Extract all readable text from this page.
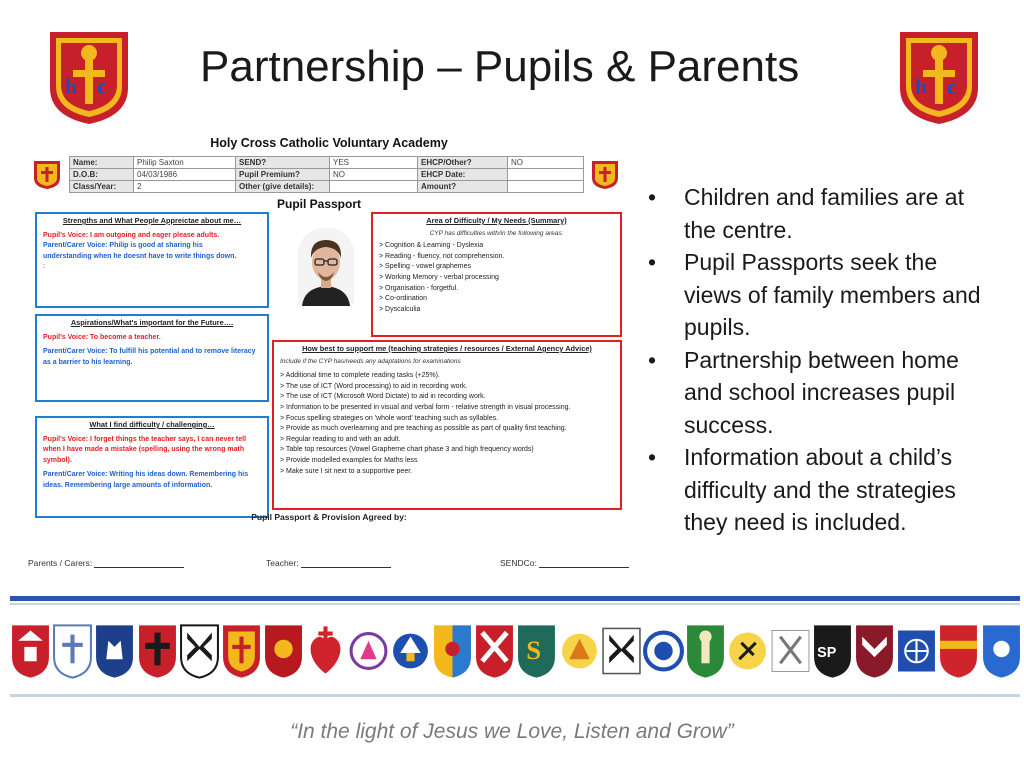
h c	h c
Partnership – Pupils & Parents
Holy Cross Catholic Voluntary Academy
Name:	Philip Saxton	SEND?	YES	EHCP/Other?	NO
D.O.B:	04/03/1986	Pupil Premium?	NO	EHCP Date:	
Class/Year:	2	Other (give details):		Amount?	
Pupil Passport
Strengths and What People Appreictae about me…
Pupil's Voice: I am outgoing and eager please adults.
Parent/Carer Voice: Philip is good at sharing his
understanding when he doesnt have to write things down.
:
Aspirations/What's important for the Future….
Pupil's Voice: To become a teacher.
Parent/Carer Voice: To fulfill his potential and to remove literacy
as a barrier to his learning.
What I find difficulty / challenging…
Pupil's Voice: I forget things the teacher says, I can never tell
when I have made a mistake (spelling, using the wrong math
symbol).
Parent/Carer Voice: Writing his ideas down. Remembering his
ideas. Remembering large amounts of information.
Area of Difficulty / My Needs (Summary)
CYP has difficulties with/in the following areas:
> Cognition & Learning - Dyslexia
> Reading - fluency, not comprehension.
> Spelling - vowel graphemes
> Working Memory - verbal processing
> Organisation - forgetful.
> Co-ordination
> Dyscalculia
How best to support me (teaching strategies / resources / External Agency Advice)
Include if the CYP has/needs any adaptations for examinations
> Additional time to complete reading tasks (+25%).
> The use of ICT (Word processing) to aid in recording work.
> The use of ICT (Microsoft Word Dictate) to aid in recording work.
> Information to be presented in visual and verbal form - relative strength in visual processing.
> Focus spelling strategies on 'whole word' teaching such as syllables.
> Provide as much overlearning and pre teaching as possible as part of quality first teaching.
> Regular reading to and with an adult.
> Table top resources (Vowel Grapheme chart phase 3 and high frequency words)
> Provide modelled examples for Maths less
> Make sure I sit next to a supportive peer.
Pupil Passport & Provision Agreed by:
Parents / Carers:	Teacher:	SENDCo:
•	Children and families are at the centre.
•	Pupil Passports seek the views of family members and pupils.
•	Partnership between home and school increases pupil success.
•	Information about a child’s difficulty and the strategies they need is included.
S	SP
“In the light of Jesus we Love, Listen and Grow”
